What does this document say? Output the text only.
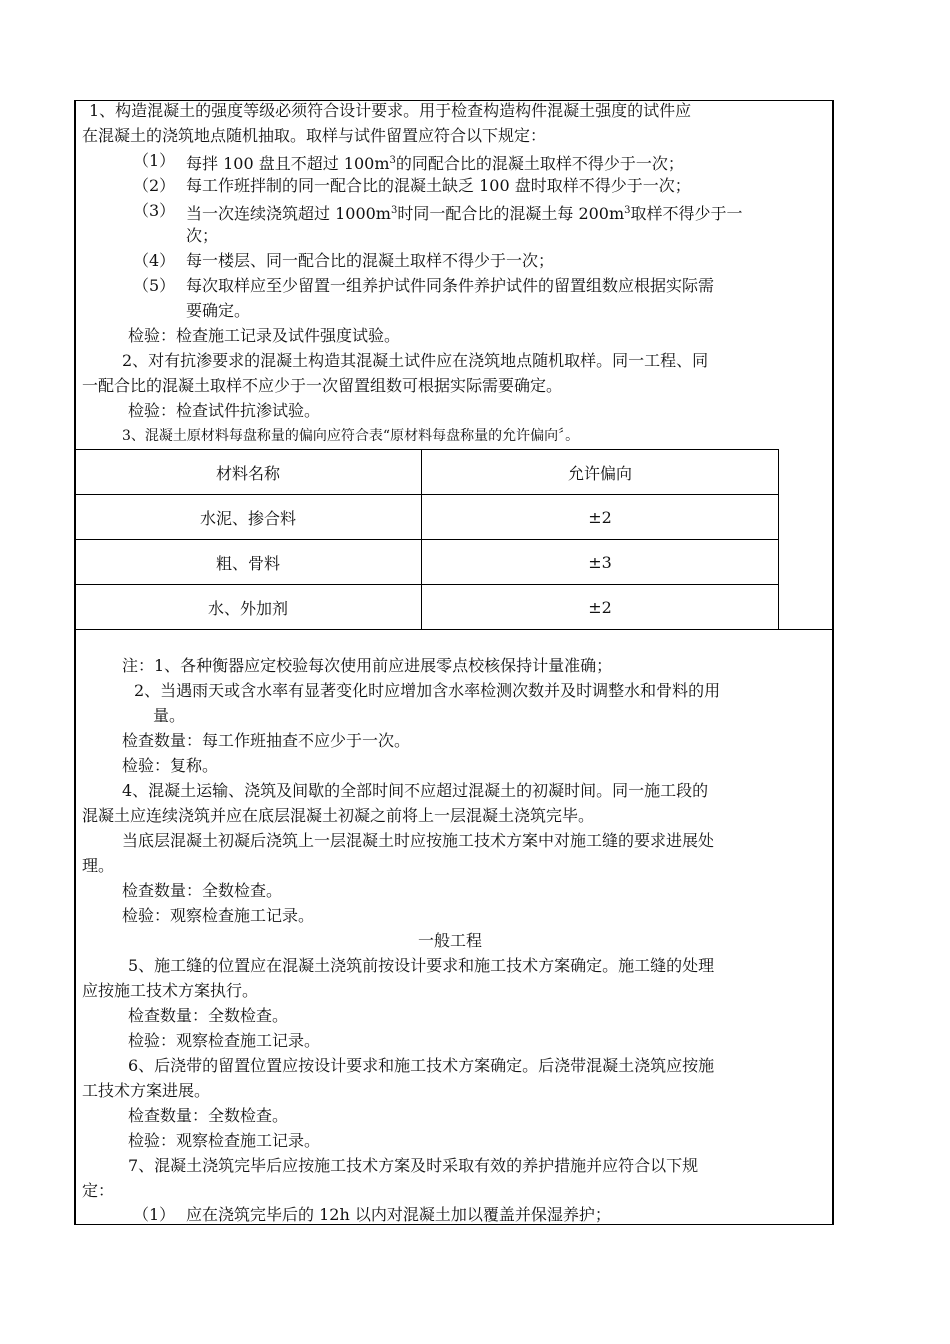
1、构造混凝土的强度等级必须符合设计要求。用于检查构造构件混凝土强度的试件应
在混凝土的浇筑地点随机抽取。取样与试件留置应符合以下规定：
（1） 每拌 100 盘且不超过 $100m^3$的同配合比的混凝土取样不得少于一次；
（2） 每工作班拌制的同一配合比的混凝土缺乏 100 盘时取样不得少于一次；
（3） 当一次连续浇筑超过 $1000m^3$时同一配合比的混凝土每 $200m^3$取样不得少于一
次；
（4） 每一楼层、同一配合比的混凝土取样不得少于一次；
（5） 每次取样应至少留置一组养护试件同条件养护试件的留置组数应根据实际需
要确定。
检验：检查施工记录及试件强度试验。
2、对有抗渗要求的混凝土构造其混凝土试件应在浇筑地点随机取样。同一工程、同
一配合比的混凝土取样不应少于一次留置组数可根据实际需要确定。
检验：检查试件抗渗试验。
3、混凝土原材料每盘称量的偏向应符合表“原材料每盘称量的允许偏向〞。
材料名称	允许偏向
水泥、掺合料	±2
粗、骨料	±3
水、外加剂	±2
注：1、各种衡器应定校验每次使用前应进展零点校核保持计量准确；
2、当遇雨天或含水率有显著变化时应增加含水率检测次数并及时调整水和骨料的用
量。
检查数量：每工作班抽查不应少于一次。
检验：复称。
4、混凝土运输、浇筑及间歇的全部时间不应超过混凝土的初凝时间。同一施工段的
混凝土应连续浇筑并应在底层混凝土初凝之前将上一层混凝土浇筑完毕。
当底层混凝土初凝后浇筑上一层混凝土时应按施工技术方案中对施工缝的要求进展处
理。
检查数量：全数检查。
检验：观察检查施工记录。
一般工程
5、施工缝的位置应在混凝土浇筑前按设计要求和施工技术方案确定。施工缝的处理
应按施工技术方案执行。
检查数量：全数检查。
检验：观察检查施工记录。
6、后浇带的留置位置应按设计要求和施工技术方案确定。后浇带混凝土浇筑应按施
工技术方案进展。
检查数量：全数检查。
检验：观察检查施工记录。
7、混凝土浇筑完毕后应按施工技术方案及时采取有效的养护措施并应符合以下规
定：
（1） 应在浇筑完毕后的 12h 以内对混凝土加以覆盖并保湿养护；
